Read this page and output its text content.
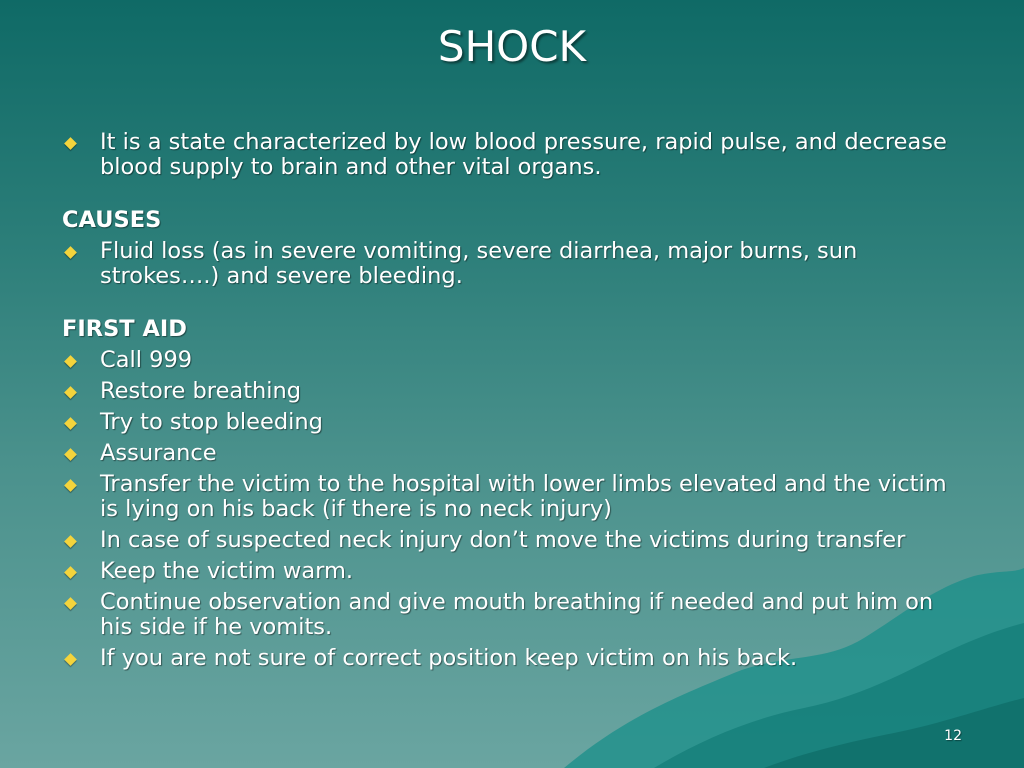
SHOCK
It is a state characterized by low blood pressure, rapid pulse, and decrease blood supply to brain and other vital organs.
CAUSES
Fluid loss (as in severe vomiting, severe diarrhea, major burns, sun strokes….) and severe bleeding.
FIRST AID
Call 999
Restore breathing
Try to stop bleeding
Assurance
Transfer the victim to the hospital with lower limbs elevated and the victim is lying on his back (if there is no neck injury)
In case of suspected neck injury don’t move the victims during transfer
Keep the victim warm.
Continue observation and give mouth breathing if needed and put him on his side if he vomits.
If you are not sure of correct position keep victim on his back.
12
